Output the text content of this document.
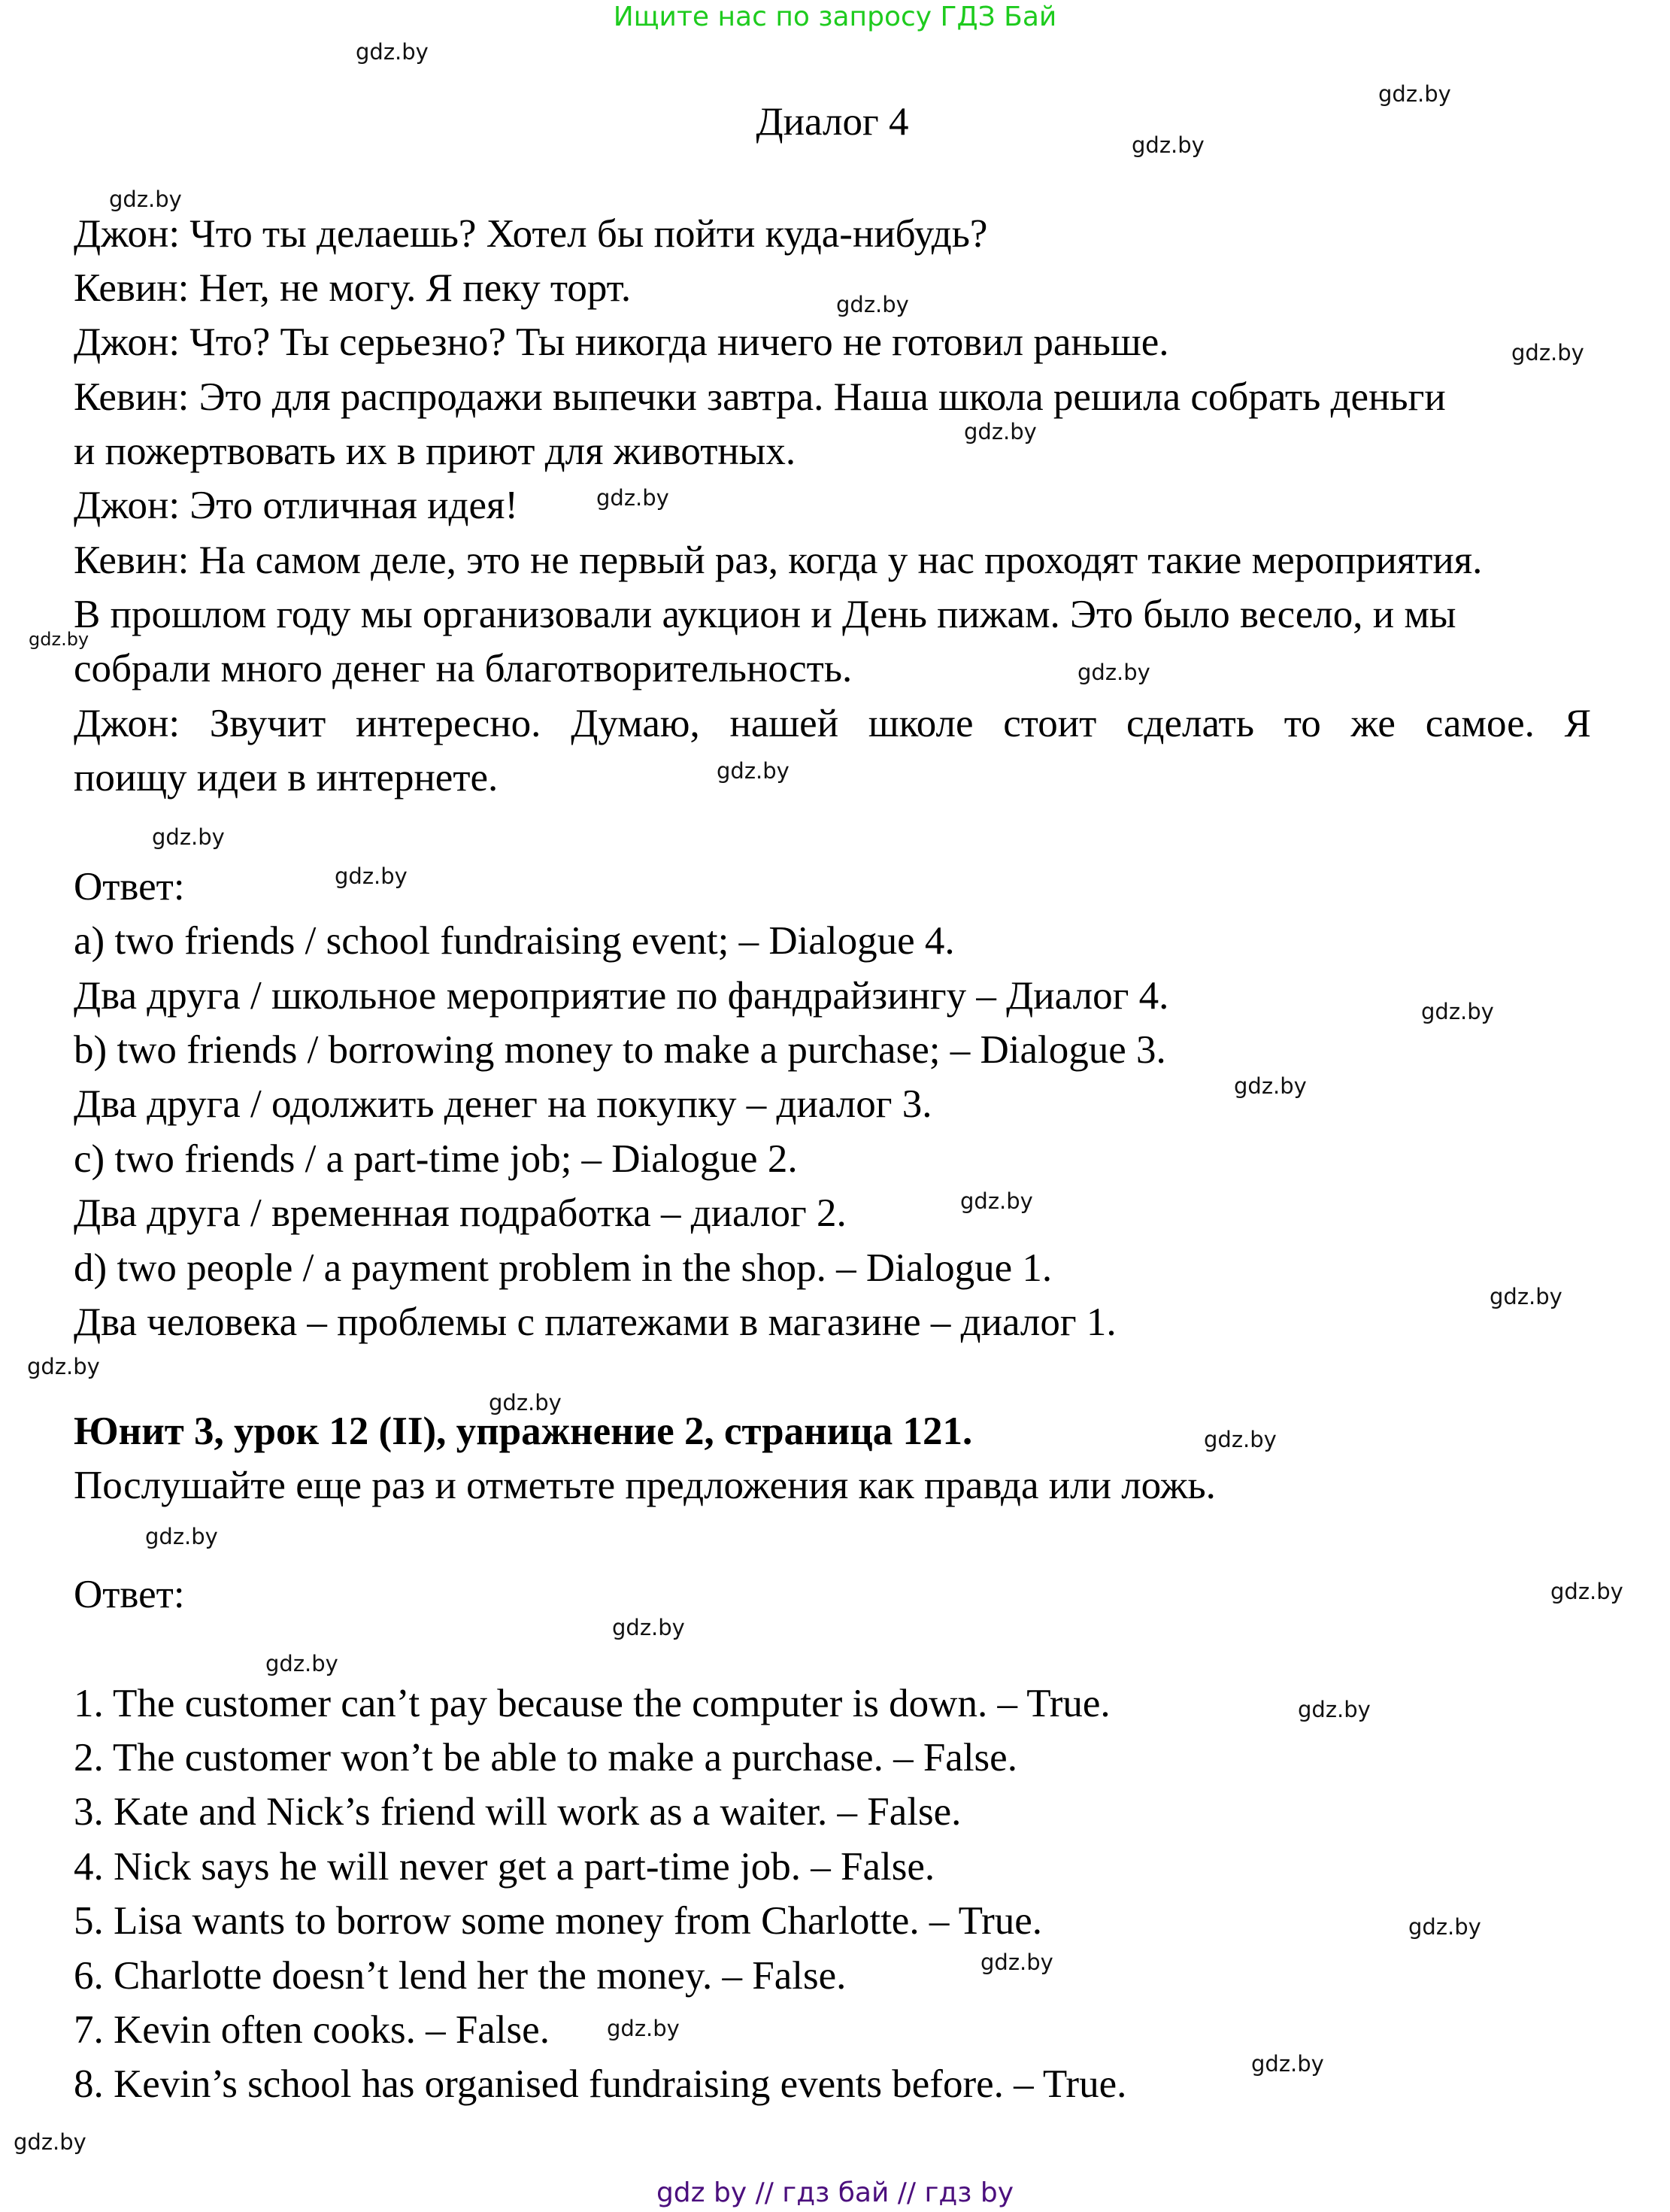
Ищите нас по запросу ГДЗ Бай
Диалог 4
Джон: Что ты делаешь? Хотел бы пойти куда-нибудь?
Кевин: Нет, не могу. Я пеку торт.
Джон: Что? Ты серьезно? Ты никогда ничего не готовил раньше.
Кевин: Это для распродажи выпечки завтра. Наша школа решила собрать деньги
и пожертвовать их в приют для животных.
Джон: Это отличная идея!
Кевин: На самом деле, это не первый раз, когда у нас проходят такие мероприятия.
В прошлом году мы организовали аукцион и День пижам. Это было весело, и мы
собрали много денег на благотворительность.
Джон: Звучит интересно. Думаю, нашей школе стоит сделать то же самое. Я
поищу идеи в интернете.
Ответ:
a) two friends / school fundraising event; – Dialogue 4.
Два друга / школьное мероприятие по фандрайзингу – Диалог 4.
b) two friends / borrowing money to make a purchase; – Dialogue 3.
Два друга / одолжить денег на покупку – диалог 3.
c) two friends / a part-time job; – Dialogue 2.
Два друга / временная подработка – диалог 2.
d) two people / a payment problem in the shop. – Dialogue 1.
Два человека – проблемы с платежами в магазине – диалог 1.
Юнит 3, урок 12 (II), упражнение 2, страница 121.
Послушайте еще раз и отметьте предложения как правда или ложь.
Ответ:
1. The customer can’t pay because the computer is down. – True.
2. The customer won’t be able to make a purchase. – False.
3. Kate and Nick’s friend will work as a waiter. – False.
4. Nick says he will never get a part-time job. – False.
5. Lisa wants to borrow some money from Charlotte. – True.
6. Charlotte doesn’t lend her the money. – False.
7. Kevin often cooks. – False.
8. Kevin’s school has organised fundraising events before. – True.
gdz.by
gdz.by
gdz.by
gdz.by
gdz.by
gdz.by
gdz.by
gdz.by
gdz.by
gdz.by
gdz.by
gdz.by
gdz.by
gdz.by
gdz.by
gdz.by
gdz.by
gdz.by
gdz.by
gdz.by
gdz.by
gdz.by
gdz.by
gdz.by
gdz.by
gdz.by
gdz.by
gdz.by
gdz.by
gdz.by
gdz by // гдз бай // гдз by
